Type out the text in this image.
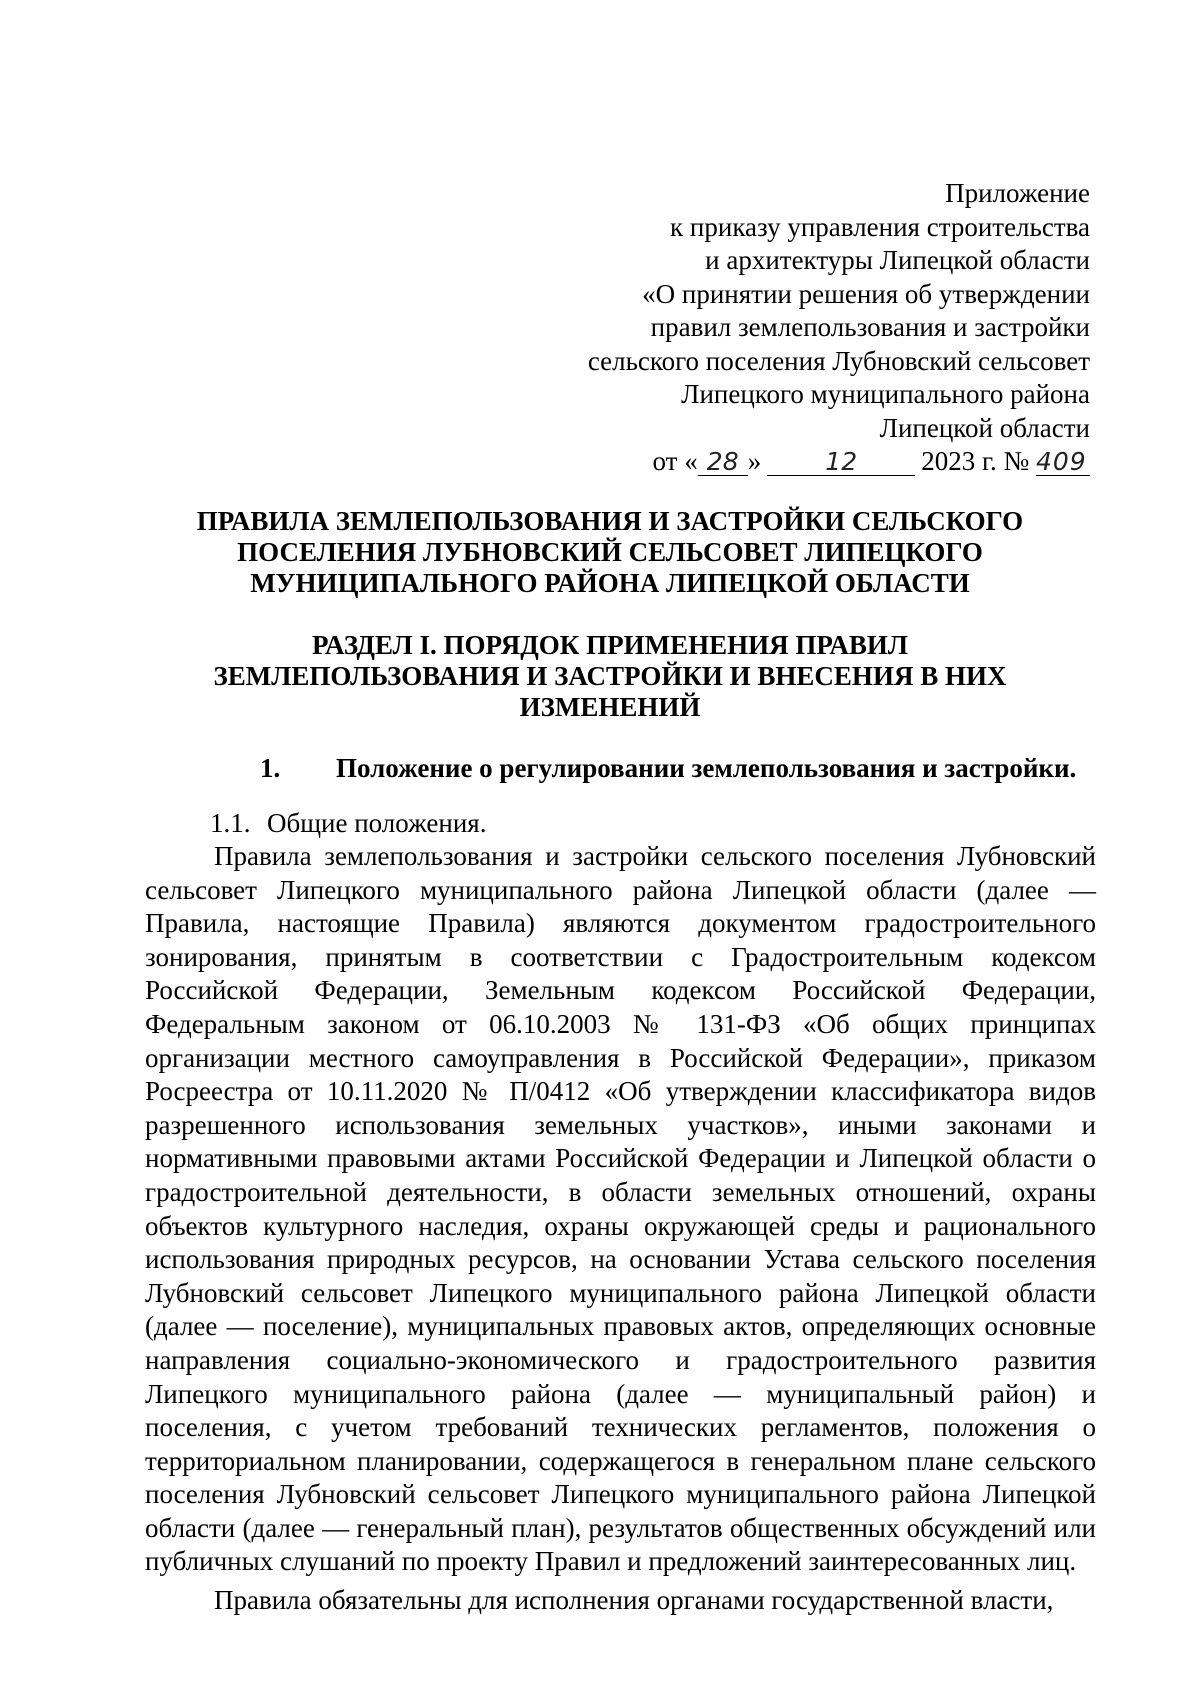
Приложение
к приказу управления строительства
и архитектуры Липецкой области
«О принятии решения об утверждении
правил землепользования и застройки
сельского поселения Лубновский сельсовет
Липецкого муниципального района
Липецкой области
от « 28 »	12 2023 г. № 409
ПРАВИЛА ЗЕМЛЕПОЛЬЗОВАНИЯ И ЗАСТРОЙКИ СЕЛЬСКОГО
ПОСЕЛЕНИЯ ЛУБНОВСКИЙ СЕЛЬСОВЕТ ЛИПЕЦКОГО
МУНИЦИПАЛЬНОГО РАЙОНА ЛИПЕЦКОЙ ОБЛАСТИ
РАЗДЕЛ I. ПОРЯДОК ПРИМЕНЕНИЯ ПРАВИЛ
ЗЕМЛЕПОЛЬЗОВАНИЯ И ЗАСТРОЙКИ И ВНЕСЕНИЯ В НИХ
ИЗМЕНЕНИЙ
1. Положение о регулировании землепользования и застройки.
1.1. Общие положения.

Правила землепользования и застройки сельского поселения Лубновский сельсовет Липецкого муниципального района Липецкой области (далее — Правила, настоящие Правила) являются документом градостроительного зонирования, принятым в соответствии с Градостроительным кодексом Российской Федерации, Земельным кодексом Российской Федерации, Федеральным законом от 06.10.2003 № 131-ФЗ «Об общих принципах организации местного самоуправления в Российской Федерации», приказом Росреестра от 10.11.2020 № П/0412 «Об утверждении классификатора видов разрешенного использования земельных участков», иными законами и нормативными правовыми актами Российской Федерации и Липецкой области о градостроительной деятельности, в области земельных отношений, охраны объектов культурного наследия, охраны окружающей среды и рационального использования природных ресурсов, на основании Устава сельского поселения Лубновский сельсовет Липецкого муниципального района Липецкой области (далее — поселение), муниципальных правовых актов, определяющих основные направления социально-экономического и градостроительного развития Липецкого муниципального района (далее — муниципальный район) и поселения, с учетом требований технических регламентов, положения о территориальном планировании, содержащегося в генеральном плане сельского поселения Лубновский сельсовет Липецкого муниципального района Липецкой области (далее — генеральный план), результатов общественных обсуждений или публичных слушаний по проекту Правил и предложений заинтересованных лиц.

Правила обязательны для исполнения органами государственной власти,
